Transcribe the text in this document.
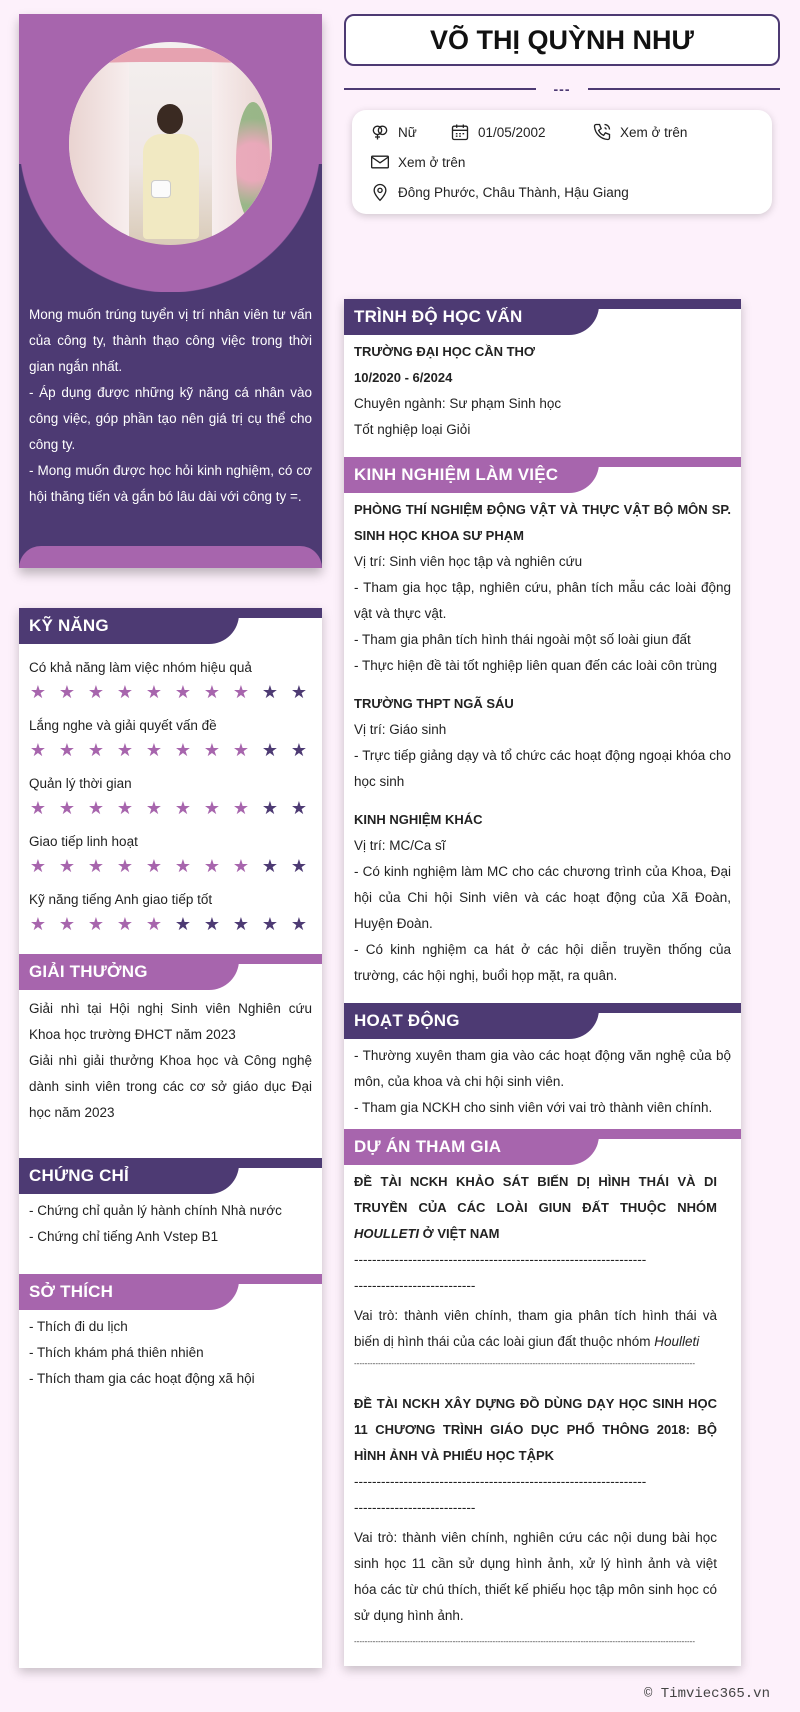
Mong muốn trúng tuyển vị trí nhân viên tư vấn của công ty, thành thạo công việc trong thời gian ngắn nhất.

- Áp dụng được những kỹ năng cá nhân vào công việc, góp phần tạo nên giá trị cụ thể cho công ty.

- Mong muốn được học hỏi kinh nghiệm, có cơ hội thăng tiến và gắn bó lâu dài với công ty =.

KỸ NĂNG
Có khả năng làm việc nhóm hiệu quả
★ ★ ★ ★ ★ ★ ★ ★ ★ ★
Lắng nghe và giải quyết vấn đề
★ ★ ★ ★ ★ ★ ★ ★ ★ ★
Quản lý thời gian
★ ★ ★ ★ ★ ★ ★ ★ ★ ★
Giao tiếp linh hoạt
★ ★ ★ ★ ★ ★ ★ ★ ★ ★
Kỹ năng tiếng Anh giao tiếp tốt
★ ★ ★ ★ ★ ★ ★ ★ ★ ★
GIẢI THƯỞNG

Giải nhì tại Hội nghị Sinh viên Nghiên cứu Khoa học trường ĐHCT năm 2023

Giải nhì giải thưởng Khoa học và Công nghệ dành sinh viên trong các cơ sở giáo dục Đại học năm 2023

CHỨNG CHỈ

- Chứng chỉ quản lý hành chính Nhà nước

- Chứng chỉ tiếng Anh Vstep B1

SỞ THÍCH

- Thích đi du lịch

- Thích khám phá thiên nhiên

- Thích tham gia các hoạt động xã hội

VÕ THỊ QUỲNH NHƯ
---
Nữ	01/05/2002	Xem ở trên
Xem ở trên
Đông Phước, Châu Thành, Hậu Giang
TRÌNH ĐỘ HỌC VẤN

TRƯỜNG ĐẠI HỌC CẦN THƠ

10/2020 - 6/2024

Chuyên ngành: Sư phạm Sinh học

Tốt nghiệp loại Giỏi

KINH NGHIỆM LÀM VIỆC

PHÒNG THÍ NGHIỆM ĐỘNG VẬT VÀ THỰC VẬT BỘ MÔN SP. SINH HỌC KHOA SƯ PHẠM

Vị trí: Sinh viên học tập và nghiên cứu

- Tham gia học tập, nghiên cứu, phân tích mẫu các loài động vật và thực vật.

- Tham gia phân tích hình thái ngoài một số loài giun đất

- Thực hiện đề tài tốt nghiệp liên quan đến các loài côn trùng

TRƯỜNG THPT NGÃ SÁU

Vị trí: Giáo sinh

- Trực tiếp giảng dạy và tổ chức các hoạt động ngoại khóa cho học sinh

KINH NGHIỆM KHÁC

Vị trí: MC/Ca sĩ

- Có kinh nghiệm làm MC cho các chương trình của Khoa, Đại hội của Chi hội Sinh viên và các hoạt động của Xã Đoàn, Huyện Đoàn.

- Có kinh nghiệm ca hát ở các hội diễn truyền thống của trường, các hội nghị, buổi họp mặt, ra quân.

HOẠT ĐỘNG

- Thường xuyên tham gia vào các hoạt động văn nghệ của bộ môn, của khoa và chi hội sinh viên.

- Tham gia NCKH cho sinh viên với vai trò thành viên chính.

DỰ ÁN THAM GIA

ĐỀ TÀI NCKH KHẢO SÁT BIẾN DỊ HÌNH THÁI VÀ DI TRUYỀN CỦA CÁC LOÀI GIUN ĐẤT THUỘC NHÓM HOULLETI Ở VIỆT NAM

-----------------------------------------------------------------

---------------------------

Vai trò: thành viên chính, tham gia phân tích hình thái và biến dị hình thái của các loài giun đất thuộc nhóm Houlleti

--------------------------------------------------------------------------------------------------------------------------------

ĐỀ TÀI NCKH XÂY DỰNG ĐỒ DÙNG DẠY HỌC SINH HỌC 11 CHƯƠNG TRÌNH GIÁO DỤC PHỔ THÔNG 2018: BỘ HÌNH ẢNH VÀ PHIẾU HỌC TẬPK

-----------------------------------------------------------------

---------------------------

Vai trò: thành viên chính, nghiên cứu các nội dung bài học sinh học 11 cần sử dụng hình ảnh, xử lý hình ảnh và việt hóa các từ chú thích, thiết kế phiếu học tập môn sinh học có sử dụng hình ảnh.

--------------------------------------------------------------------------------------------------------------------------------

© Timviec365.vn
